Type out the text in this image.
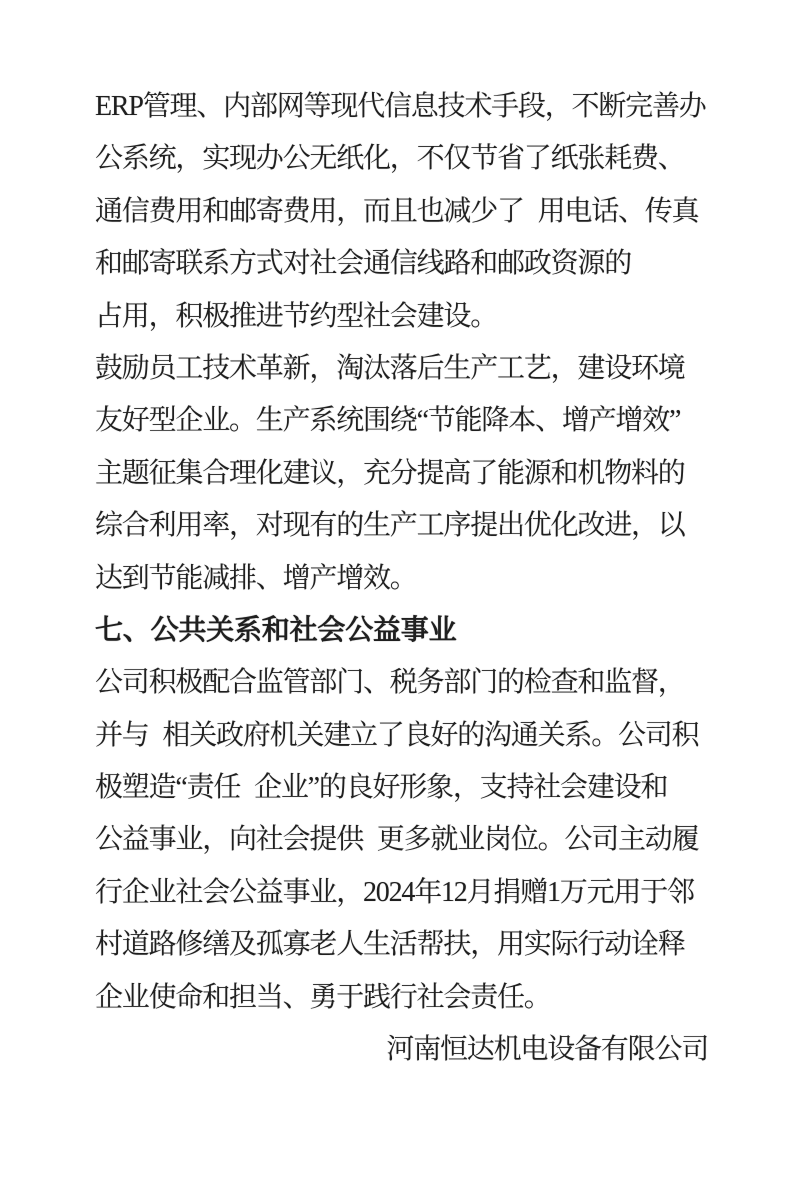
ERP管理、内部网等现代信息技术手段，不断完善办
公系统，实现办公无纸化，不仅节省了纸张耗费、
通信费用和邮寄费用，而且也减少了 用电话、传真
和邮寄联系方式对社会通信线路和邮政资源的
占用，积极推进节约型社会建设。
鼓励员工技术革新，淘汰落后生产工艺，建设环境
友好型企业。生产系统围绕“节能降本、增产增效”
主题征集合理化建议，充分提高了能源和机物料的
综合利用率，对现有的生产工序提出优化改进，以
达到节能减排、增产增效。
七、公共关系和社会公益事业
公司积极配合监管部门、税务部门的检查和监督，
并与 相关政府机关建立了良好的沟通关系。公司积
极塑造“责任 企业”的良好形象，支持社会建设和
公益事业，向社会提供 更多就业岗位。公司主动履
行企业社会公益事业，2024年12月捐赠1万元用于邻
村道路修缮及孤寡老人生活帮扶，用实际行动诠释
企业使命和担当、勇于践行社会责任。
河南恒达机电设备有限公司
